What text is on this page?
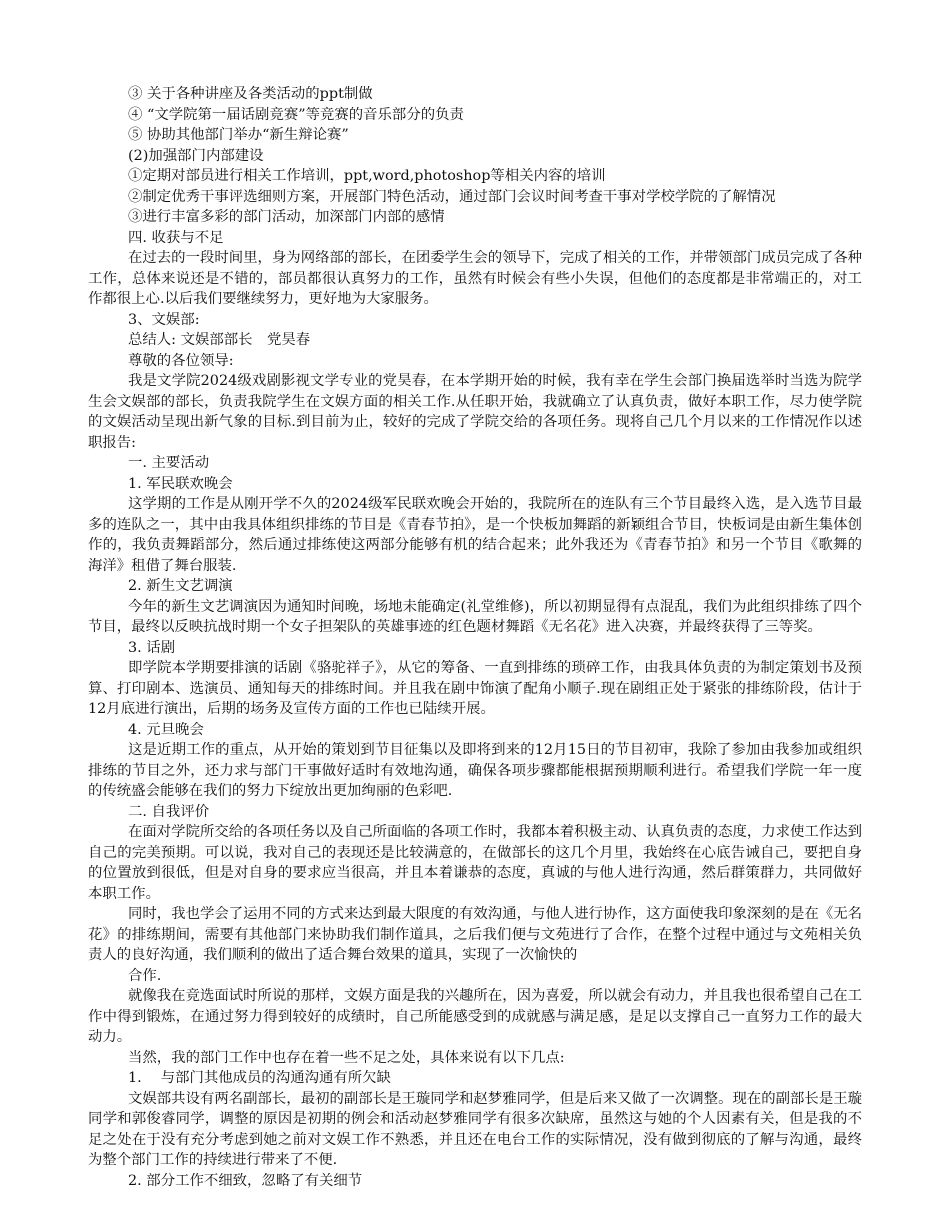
③ 关于各种讲座及各类活动的ppt制做

④ “文学院第一届话剧竞赛”等竞赛的音乐部分的负责

⑤ 协助其他部门举办“新生辩论赛”

(2)加强部门内部建设

①定期对部员进行相关工作培训，ppt,word,photoshop等相关内容的培训

②制定优秀干事评选细则方案，开展部门特色活动，通过部门会议时间考查干事对学校学院的了解情况

③进行丰富多彩的部门活动，加深部门内部的感情

四. 收获与不足

在过去的一段时间里，身为网络部的部长，在团委学生会的领导下，完成了相关的工作，并带领部门成员完成了各种工作，总体来说还是不错的，部员都很认真努力的工作，虽然有时候会有些小失误，但他们的态度都是非常端正的，对工作都很上心.以后我们要继续努力，更好地为大家服务。

3、文娱部:

总结人: 文娱部部长　党昊春

尊敬的各位领导:

我是文学院2024级戏剧影视文学专业的党昊春，在本学期开始的时候，我有幸在学生会部门换届选举时当选为院学生会文娱部的部长，负责我院学生在文娱方面的相关工作.从任职开始，我就确立了认真负责，做好本职工作，尽力使学院的文娱活动呈现出新气象的目标.到目前为止，较好的完成了学院交给的各项任务。现将自己几个月以来的工作情况作以述职报告:

一. 主要活动

1. 军民联欢晚会

这学期的工作是从刚开学不久的2024级军民联欢晚会开始的，我院所在的连队有三个节目最终入选，是入选节目最多的连队之一，其中由我具体组织排练的节目是《青春节拍》，是一个快板加舞蹈的新颖组合节目，快板词是由新生集体创作的，我负责舞蹈部分，然后通过排练使这两部分能够有机的结合起来；此外我还为《青春节拍》和另一个节目《歌舞的海洋》租借了舞台服装.

2. 新生文艺调演

今年的新生文艺调演因为通知时间晚，场地未能确定(礼堂维修)，所以初期显得有点混乱，我们为此组织排练了四个节目，最终以反映抗战时期一个女子担架队的英雄事迹的红色题材舞蹈《无名花》进入决赛，并最终获得了三等奖。

3. 话剧

即学院本学期要排演的话剧《骆驼祥子》，从它的筹备、一直到排练的琐碎工作，由我具体负责的为制定策划书及预算、打印剧本、选演员、通知每天的排练时间。并且我在剧中饰演了配角小顺子.现在剧组正处于紧张的排练阶段，估计于12月底进行演出，后期的场务及宣传方面的工作也已陆续开展。

4. 元旦晚会

这是近期工作的重点，从开始的策划到节目征集以及即将到来的12月15日的节目初审，我除了参加由我参加或组织排练的节目之外，还力求与部门干事做好适时有效地沟通，确保各项步骤都能根据预期顺利进行。希望我们学院一年一度的传统盛会能够在我们的努力下绽放出更加绚丽的色彩吧.

二. 自我评价

在面对学院所交给的各项任务以及自己所面临的各项工作时，我都本着积极主动、认真负责的态度，力求使工作达到自己的完美预期。可以说，我对自己的表现还是比较满意的，在做部长的这几个月里，我始终在心底告诫自己，要把自身的位置放到很低，但是对自身的要求应当很高，并且本着谦恭的态度，真诚的与他人进行沟通，然后群策群力，共同做好本职工作。

同时，我也学会了运用不同的方式来达到最大限度的有效沟通，与他人进行协作，这方面使我印象深刻的是在《无名花》的排练期间，需要有其他部门来协助我们制作道具，之后我们便与文苑进行了合作，在整个过程中通过与文苑相关负责人的良好沟通，我们顺利的做出了适合舞台效果的道具，实现了一次愉快的

合作.

就像我在竞选面试时所说的那样，文娱方面是我的兴趣所在，因为喜爱，所以就会有动力，并且我也很希望自己在工作中得到锻炼，在通过努力得到较好的成绩时，自己所能感受到的成就感与满足感，是足以支撑自己一直努力工作的最大动力。

当然，我的部门工作中也存在着一些不足之处，具体来说有以下几点:

1.　 与部门其他成员的沟通沟通有所欠缺

文娱部共设有两名副部长，最初的副部长是王璇同学和赵梦雅同学，但是后来又做了一次调整。现在的副部长是王璇同学和郭俊睿同学，调整的原因是初期的例会和活动赵梦雅同学有很多次缺席，虽然这与她的个人因素有关，但是我的不足之处在于没有充分考虑到她之前对文娱工作不熟悉，并且还在电台工作的实际情况，没有做到彻底的了解与沟通，最终为整个部门工作的持续进行带来了不便.

2. 部分工作不细致，忽略了有关细节
